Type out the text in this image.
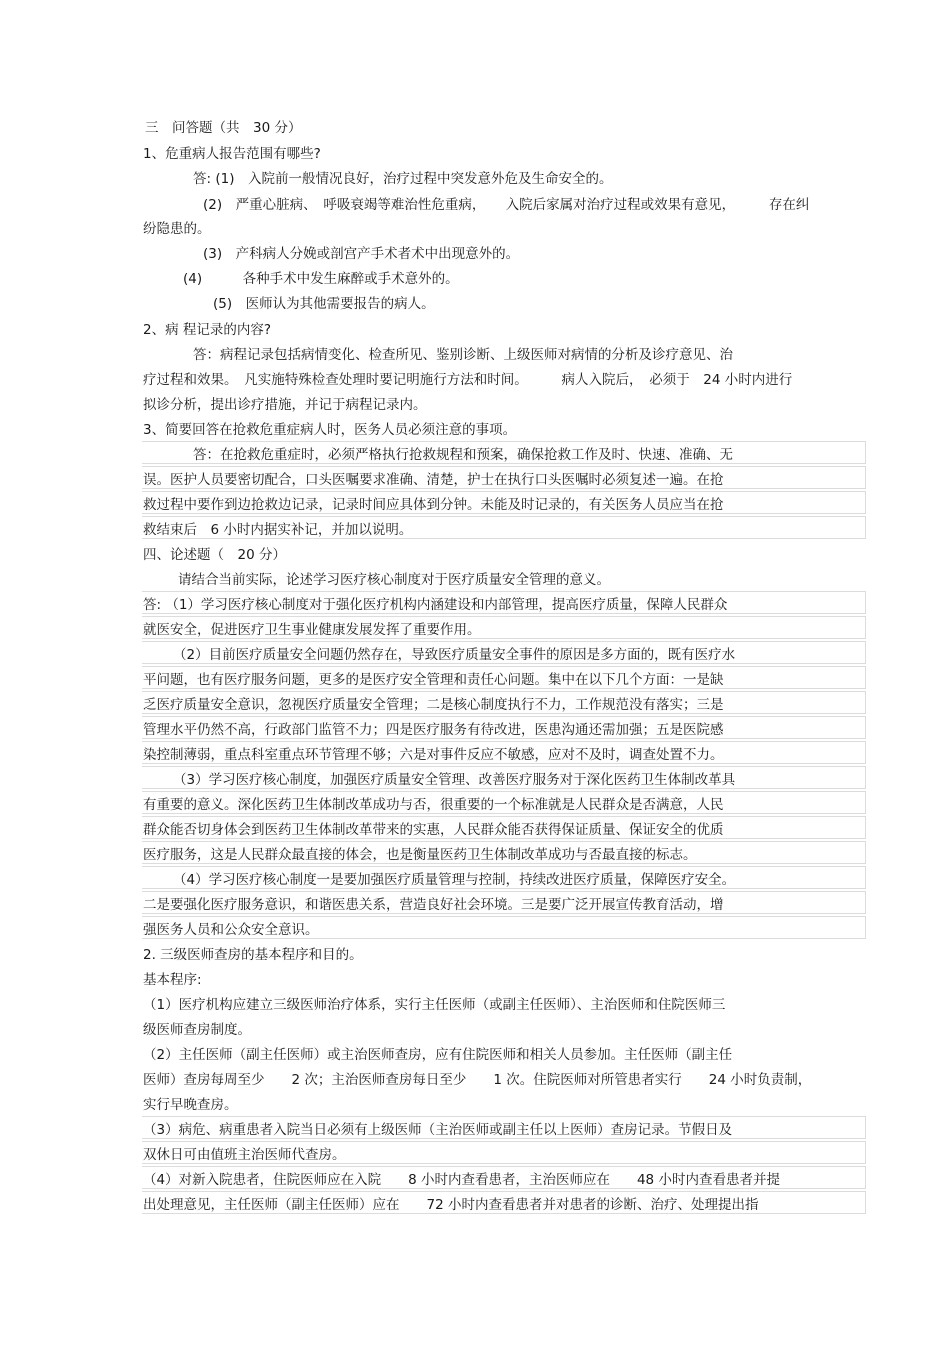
三　问答题（共　30 分）
1、危重病人报告范围有哪些?
答: (1)　入院前一般情况良好，治疗过程中突发意外危及生命安全的。
(2)　严重心脏病、　呼吸衰竭等难治性危重病，　　入院后家属对治疗过程或效果有意见，　　　存在纠
纷隐患的。
(3)　产科病人分娩或剖宫产手术者术中出现意外的。
(4)　　　各种手术中发生麻醉或手术意外的。
(5)　医师认为其他需要报告的病人。
2、病 程记录的内容?
答：病程记录包括病情变化、检查所见、鉴别诊断、上级医师对病情的分析及诊疗意见、治
疗过程和效果。　凡实施特殊检查处理时要记明施行方法和时间。　　　病人入院后，　必须于　24 小时内进行
拟诊分析，提出诊疗措施，并记于病程记录内。
3、简要回答在抢救危重症病人时，医务人员必须注意的事项。
答：在抢救危重症时，必须严格执行抢救规程和预案，确保抢救工作及时、快速、准确、无
误。医护人员要密切配合，口头医嘱要求准确、清楚，护士在执行口头医嘱时必须复述一遍。在抢
救过程中要作到边抢救边记录，记录时间应具体到分钟。未能及时记录的，有关医务人员应当在抢
救结束后　6 小时内据实补记，并加以说明。
四、论述题（　20 分）
请结合当前实际，论述学习医疗核心制度对于医疗质量安全管理的意义。
答: （1）学习医疗核心制度对于强化医疗机构内涵建设和内部管理，提高医疗质量，保障人民群众
就医安全，促进医疗卫生事业健康发展发挥了重要作用。
（2）目前医疗质量安全问题仍然存在，导致医疗质量安全事件的原因是多方面的，既有医疗水
平问题，也有医疗服务问题，更多的是医疗安全管理和责任心问题。集中在以下几个方面：一是缺
乏医疗质量安全意识，忽视医疗质量安全管理；二是核心制度执行不力，工作规范没有落实；三是
管理水平仍然不高，行政部门监管不力；四是医疗服务有待改进，医患沟通还需加强；五是医院感
染控制薄弱，重点科室重点环节管理不够；六是对事件反应不敏感，应对不及时，调查处置不力。
（3）学习医疗核心制度，加强医疗质量安全管理、改善医疗服务对于深化医药卫生体制改革具
有重要的意义。深化医药卫生体制改革成功与否，很重要的一个标准就是人民群众是否满意，人民
群众能否切身体会到医药卫生体制改革带来的实惠，人民群众能否获得保证质量、保证安全的优质
医疗服务，这是人民群众最直接的体会，也是衡量医药卫生体制改革成功与否最直接的标志。
（4）学习医疗核心制度一是要加强医疗质量管理与控制，持续改进医疗质量，保障医疗安全。
二是要强化医疗服务意识，和谐医患关系，营造良好社会环境。三是要广泛开展宣传教育活动，增
强医务人员和公众安全意识。
2. 三级医师查房的基本程序和目的。
基本程序:
（1）医疗机构应建立三级医师治疗体系，实行主任医师（或副主任医师）、主治医师和住院医师三
级医师查房制度。
（2）主任医师（副主任医师）或主治医师查房，应有住院医师和相关人员参加。主任医师（副主任
医师）查房每周至少　　2 次；主治医师查房每日至少　　1 次。住院医师对所管患者实行　　24 小时负责制，
实行早晚查房。
（3）病危、病重患者入院当日必须有上级医师（主治医师或副主任以上医师）查房记录。节假日及
双休日可由值班主治医师代查房。
（4）对新入院患者，住院医师应在入院　　8 小时内查看患者，主治医师应在　　48 小时内查看患者并提
出处理意见，主任医师（副主任医师）应在　　72 小时内查看患者并对患者的诊断、治疗、处理提出指
